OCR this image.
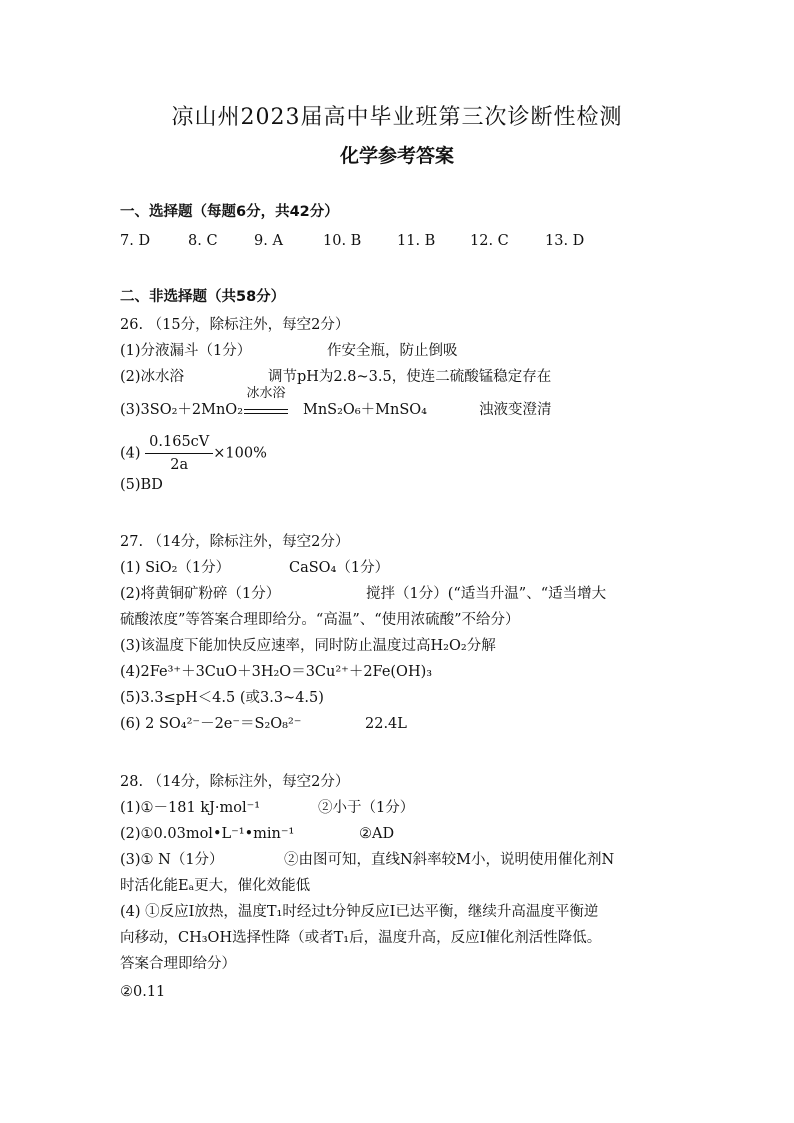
凉山州2023届高中毕业班第三次诊断性检测
化学参考答案
一、选择题（每题6分，共42分）
7. D	8. C	9. A	10. B 11. B 12. C 13. D
二、非选择题（共58分）
26. （15分，除标注外，每空2分）
(1)分液漏斗（1分）	作安全瓶，防止倒吸
(2)冰水浴	调节pH为2.8~3.5，使连二硫酸锰稳定存在
(3)3SO₂＋2MnO₂
冰水浴
MnS₂O₆＋MnSO₄	浊液变澄清
$(4) \frac{0.165cV}{2a} \times 100\%$
(5)BD
27. （14分，除标注外，每空2分）
(1) SiO₂（1分）	CaSO₄（1分）
(2)将黄铜矿粉碎（1分）	搅拌（1分）(“适当升温”、“适当增大
硫酸浓度”等答案合理即给分。“高温”、“使用浓硫酸”不给分）
(3)该温度下能加快反应速率，同时防止温度过高H₂O₂分解
(4)2Fe³⁺＋3CuO＋3H₂O＝3Cu²⁺＋2Fe(OH)₃
(5)3.3≤pH＜4.5 (或3.3~4.5)
(6) 2 SO₄²⁻－2e⁻＝S₂O₈²⁻	22.4L
28. （14分，除标注外，每空2分）
(1)①－181 kJ·mol⁻¹	②小于（1分）
(2)①0.03mol•L⁻¹•min⁻¹	②AD
(3)① N（1分）	②由图可知，直线N斜率较M小，说明使用催化剂N
时活化能Eₐ更大，催化效能低
(4) ①反应I放热，温度T₁时经过t分钟反应I已达平衡，继续升高温度平衡逆
向移动，CH₃OH选择性降（或者T₁后，温度升高，反应I催化剂活性降低。
答案合理即给分）
②0.11
